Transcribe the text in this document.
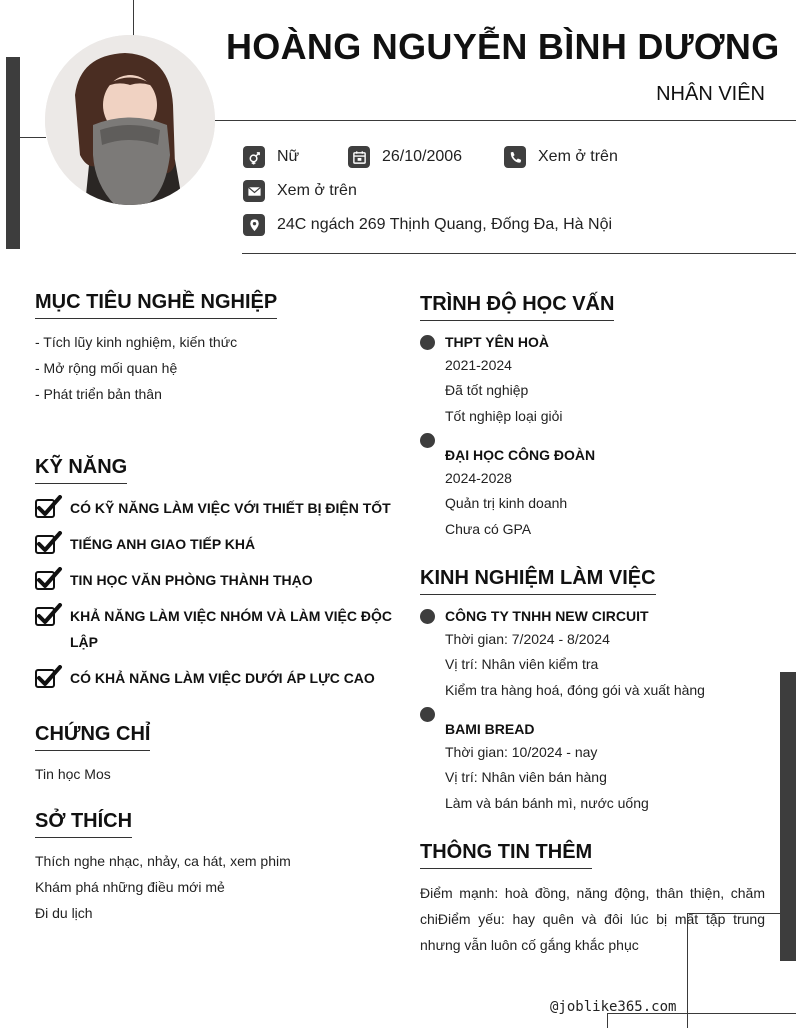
HOÀNG NGUYỄN BÌNH DƯƠNG
NHÂN VIÊN
Nữ	26/10/2006	Xem ở trên
Xem ở trên
24C ngách 269 Thịnh Quang, Đống Đa, Hà Nội
MỤC TIÊU NGHỀ NGHIỆP
- Tích lũy kinh nghiệm, kiến thức
- Mở rộng mối quan hệ
- Phát triển bản thân
KỸ NĂNG
CÓ KỸ NĂNG LÀM VIỆC VỚI THIẾT BỊ ĐIỆN TỐT
TIẾNG ANH GIAO TIẾP KHÁ
TIN HỌC VĂN PHÒNG THÀNH THẠO
KHẢ NĂNG LÀM VIỆC NHÓM VÀ LÀM VIỆC ĐỘC
LẬP
CÓ KHẢ NĂNG LÀM VIỆC DƯỚI ÁP LỰC CAO
CHỨNG CHỈ
Tin học Mos
SỞ THÍCH
Thích nghe nhạc, nhảy, ca hát, xem phim
Khám phá những điều mới mẻ
Đi du lịch
TRÌNH ĐỘ HỌC VẤN
THPT YÊN HOÀ
2021-2024
Đã tốt nghiệp
Tốt nghiệp loại giỏi
ĐẠI HỌC CÔNG ĐOÀN
2024-2028
Quản trị kinh doanh
Chưa có GPA
KINH NGHIỆM LÀM VIỆC
CÔNG TY TNHH NEW CIRCUIT
Thời gian: 7/2024 - 8/2024
Vị trí: Nhân viên kiểm tra
Kiểm tra hàng hoá, đóng gói và xuất hàng
BAMI BREAD
Thời gian: 10/2024 - nay
Vị trí: Nhân viên bán hàng
Làm và bán bánh mì, nước uống
THÔNG TIN THÊM
Điểm mạnh: hoà đồng, năng động, thân thiện, chăm
chiĐiểm yếu: hay quên và đôi lúc bị mất tập trung
nhưng vẫn luôn cố gắng khắc phục
@joblike365.com
